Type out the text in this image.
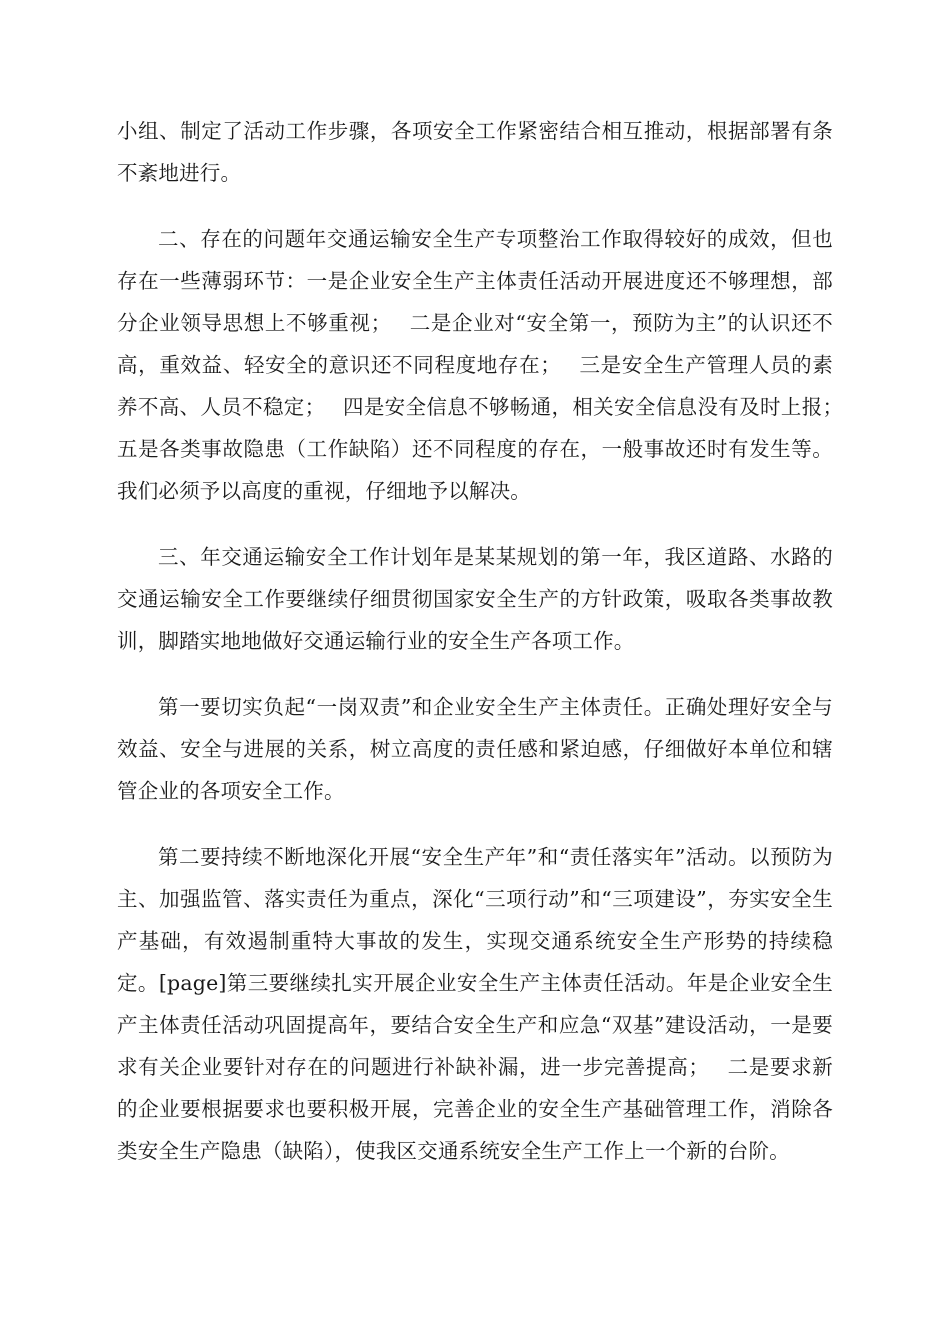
小组、制定了活动工作步骤，各项安全工作紧密结合相互推动，根据部署有条不紊地进行。

二、存在的问题年交通运输安全生产专项整治工作取得较好的成效，但也存在一些薄弱环节：一是企业安全生产主体责任活动开展进度还不够理想，部分企业领导思想上不够重视；　 二是企业对“安全第一，预防为主”的认识还不高，重效益、轻安全的意识还不同程度地存在；　 三是安全生产管理人员的素养不高、人员不稳定；　 四是安全信息不够畅通，相关安全信息没有及时上报；　 五是各类事故隐患（工作缺陷）还不同程度的存在，一般事故还时有发生等。我们必须予以高度的重视，仔细地予以解决。

三、年交通运输安全工作计划年是某某规划的第一年，我区道路、水路的交通运输安全工作要继续仔细贯彻国家安全生产的方针政策，吸取各类事故教训，脚踏实地地做好交通运输行业的安全生产各项工作。

第一要切实负起“一岗双责”和企业安全生产主体责任。正确处理好安全与效益、安全与进展的关系，树立高度的责任感和紧迫感，仔细做好本单位和辖管企业的各项安全工作。

第二要持续不断地深化开展“安全生产年”和“责任落实年”活动。以预防为主、加强监管、落实责任为重点，深化“三项行动”和“三项建设”，夯实安全生产基础，有效遏制重特大事故的发生，实现交通系统安全生产形势的持续稳定。[page]第三要继续扎实开展企业安全生产主体责任活动。年是企业安全生产主体责任活动巩固提高年，要结合安全生产和应急“双基”建设活动，一是要求有关企业要针对存在的问题进行补缺补漏，进一步完善提高；　 二是要求新的企业要根据要求也要积极开展，完善企业的安全生产基础管理工作，消除各类安全生产隐患（缺陷），使我区交通系统安全生产工作上一个新的台阶。
